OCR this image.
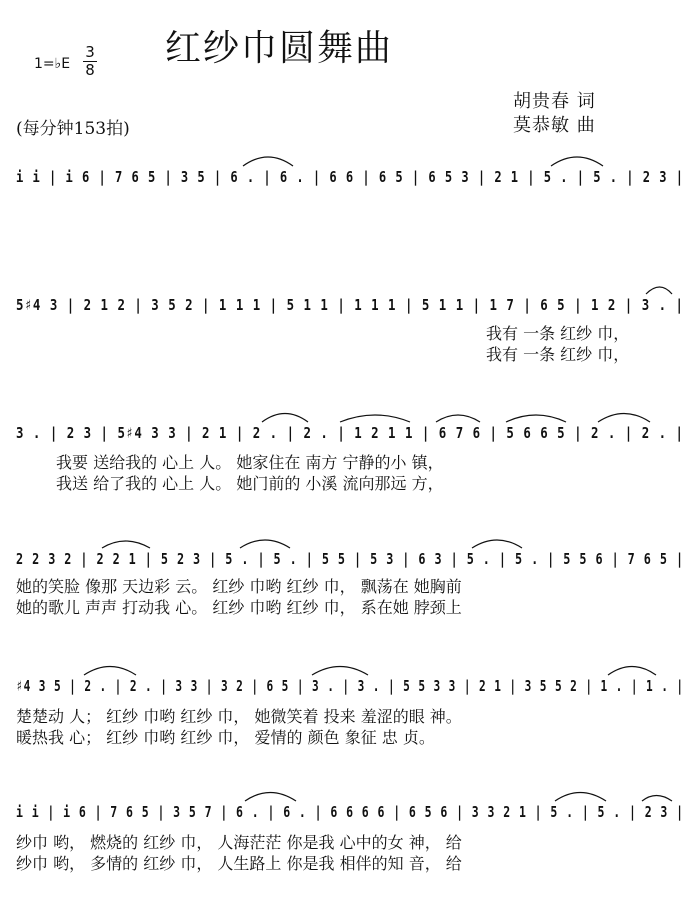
红纱巾圆舞曲
1=♭E
3
8
(每分钟153拍)
胡贵春 词
莫恭敏 曲
i i | i 6 | 7 6 5 | 3 5 | 6 . | 6 . | 6 6 | 6 5 | 6 5 3 | 2 1 | 5 . | 5 . | 2 3 |
5♯4 3 | 2 1 2 | 3 5 2 | 1 1 1 | 5 1 1 | 1 1 1 | 5 1 1 | 1 7 | 6 5 | 1 2 | 3 . |
我有 一条 红纱 巾，
我有 一条 红纱 巾，
3 . | 2 3 | 5♯4 3 3 | 2 1 | 2 . | 2 . | 1 2 1 1 | 6 7 6 | 5 6 6 5 | 2 . | 2 . |
我要 送给我的 心上 人。 她家住在 南方 宁静的小 镇，
我送 给了我的 心上 人。 她门前的 小溪 流向那远 方，
2 2 3 2 | 2 2 1 | 5 2 3 | 5 . | 5 . | 5 5 | 5 3 | 6 3 | 5 . | 5 . | 5 5 6 | 7 6 5 |
她的笑脸 像那 天边彩 云。 红纱 巾哟 红纱 巾， 飘荡在 她胸前
她的歌儿 声声 打动我 心。 红纱 巾哟 红纱 巾， 系在她 脖颈上
♯4 3 5 | 2 . | 2 . | 3 3 | 3 2 | 6 5 | 3 . | 3 . | 5 5 3 3 | 2 1 | 3 5 5 2 | 1 . | 1 . |
楚楚动 人； 红纱 巾哟 红纱 巾， 她微笑着 投来 羞涩的眼 神。
暖热我 心； 红纱 巾哟 红纱 巾， 爱情的 颜色 象征 忠 贞。
i i | i 6 | 7 6 5 | 3 5 7 | 6 . | 6 . | 6 6 6 6 | 6 5 6 | 3 3 2 1 | 5 . | 5 . | 2 3 |
纱巾 哟， 燃烧的 红纱 巾， 人海茫茫 你是我 心中的女 神， 给
纱巾 哟， 多情的 红纱 巾， 人生路上 你是我 相伴的知 音， 给
